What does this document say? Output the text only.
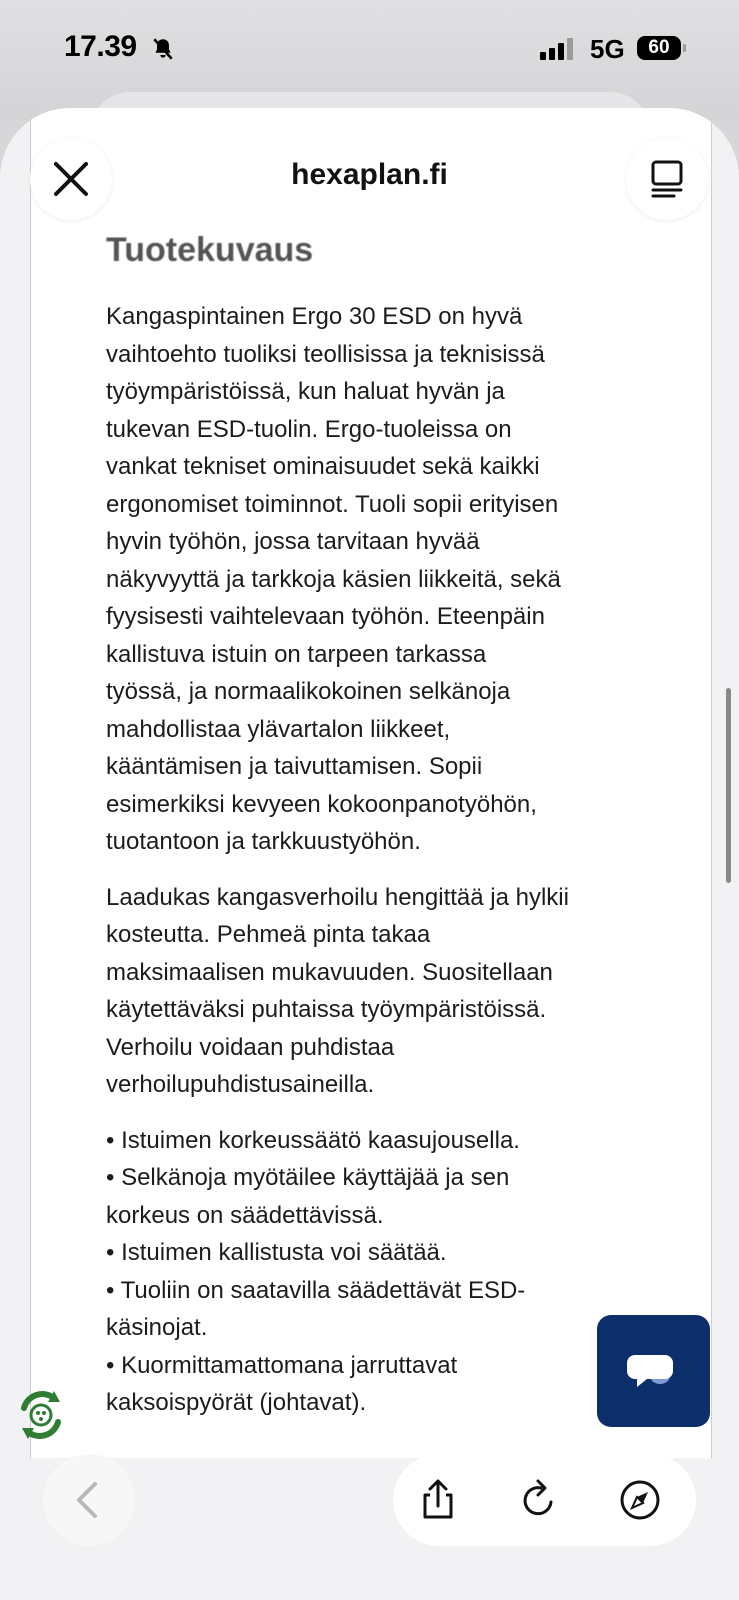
17.39	5G	60
hexaplan.fi
Tuotekuvaus
Kangaspintainen Ergo 30 ESD on hyvä
vaihtoehto tuoliksi teollisissa ja teknisissä
työympäristöissä, kun haluat hyvän ja
tukevan ESD-tuolin. Ergo-tuoleissa on
vankat tekniset ominaisuudet sekä kaikki
ergonomiset toiminnot. Tuoli sopii erityisen
hyvin työhön, jossa tarvitaan hyvää
näkyvyyttä ja tarkkoja käsien liikkeitä, sekä
fyysisesti vaihtelevaan työhön. Eteenpäin
kallistuva istuin on tarpeen tarkassa
työssä, ja normaalikokoinen selkänoja
mahdollistaa ylävartalon liikkeet,
kääntämisen ja taivuttamisen. Sopii
esimerkiksi kevyeen kokoonpanotyöhön,
tuotantoon ja tarkkuustyöhön.
Laadukas kangasverhoilu hengittää ja hylkii
kosteutta. Pehmeä pinta takaa
maksimaalisen mukavuuden. Suositellaan
käytettäväksi puhtaissa työympäristöissä.
Verhoilu voidaan puhdistaa
verhoilupuhdistusaineilla.
• Istuimen korkeussäätö kaasujousella.
• Selkänoja myötäilee käyttäjää ja sen
korkeus on säädettävissä.
• Istuimen kallistusta voi säätää.
• Tuoliin on saatavilla säädettävät ESD-
käsinojat.
• Kuormittamattomana jarruttavat
kaksoispyörät (johtavat).
